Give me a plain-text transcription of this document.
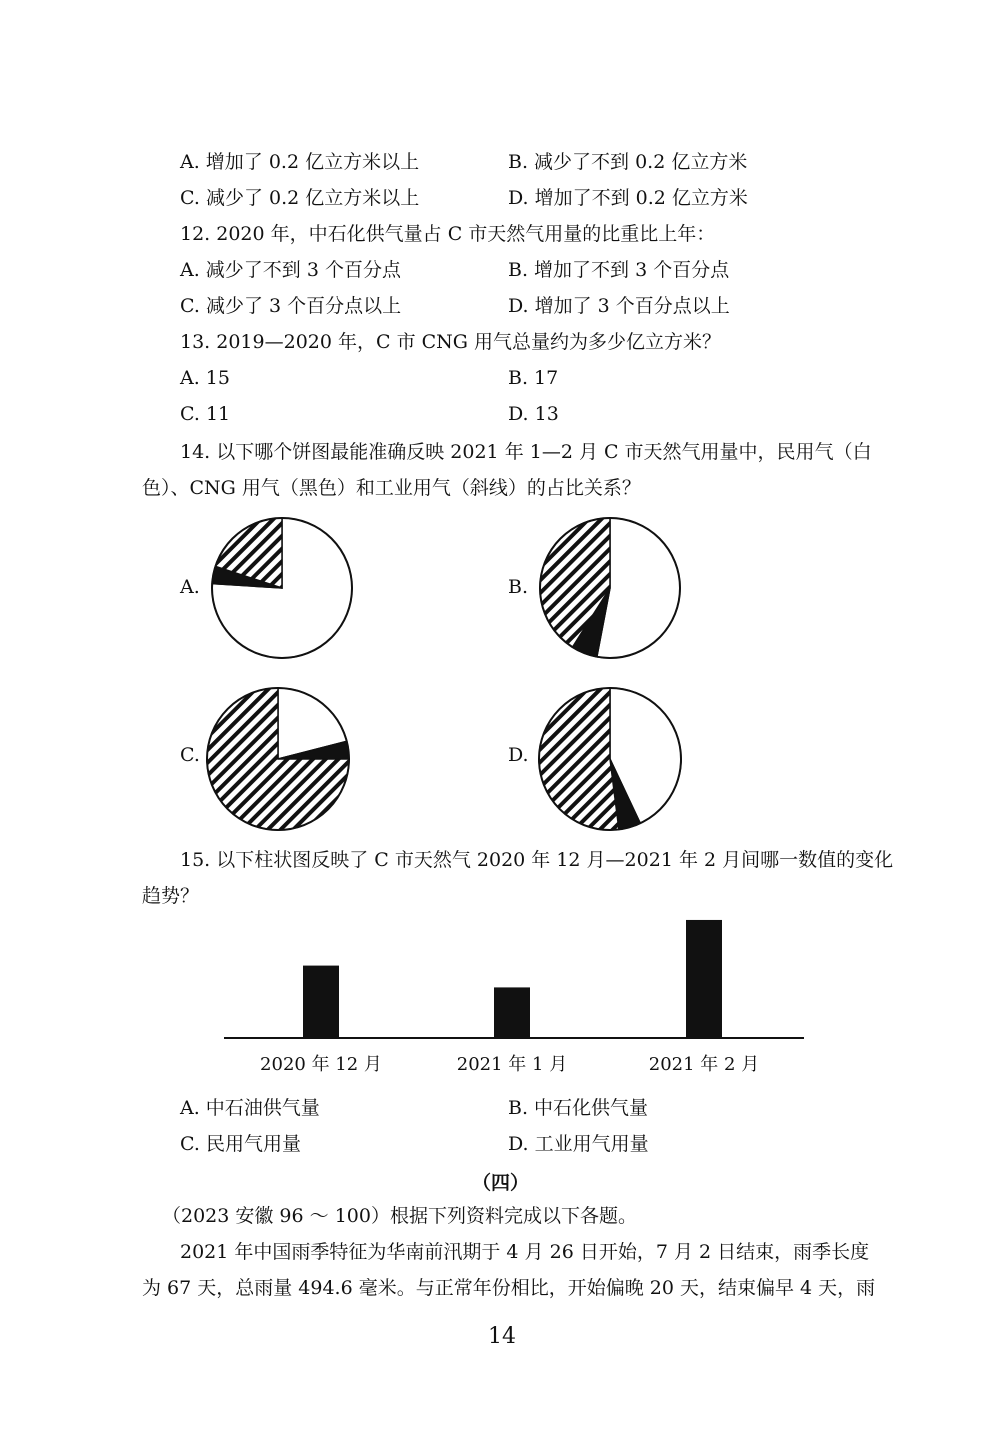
A. 增加了 0.2 亿立方米以上	B. 减少了不到 0.2 亿立方米
C. 减少了 0.2 亿立方米以上	D. 增加了不到 0.2 亿立方米
12. 2020 年，中石化供气量占 C 市天然气用量的比重比上年：
A. 减少了不到 3 个百分点	B. 增加了不到 3 个百分点
C. 减少了 3 个百分点以上	D. 增加了 3 个百分点以上
13. 2019—2020 年，C 市 CNG 用气总量约为多少亿立方米？
A. 15	B. 17
C. 11	D. 13
14. 以下哪个饼图最能准确反映 2021 年 1—2 月 C 市天然气用量中，民用气（白
色）、CNG 用气（黑色）和工业用气（斜线）的占比关系？
A.	B.
C.	D.
15. 以下柱状图反映了 C 市天然气 2020 年 12 月—2021 年 2 月间哪一数值的变化
趋势？
2020 年 12 月	2021 年 1 月	2021 年 2 月
A. 中石油供气量	B. 中石化供气量
C. 民用气用量	D. 工业用气用量
（四）
（2023 安徽 96 ～ 100）根据下列资料完成以下各题。
2021 年中国雨季特征为华南前汛期于 4 月 26 日开始，7 月 2 日结束，雨季长度
为 67 天，总雨量 494.6 毫米。与正常年份相比，开始偏晚 20 天，结束偏早 4 天，雨
14
